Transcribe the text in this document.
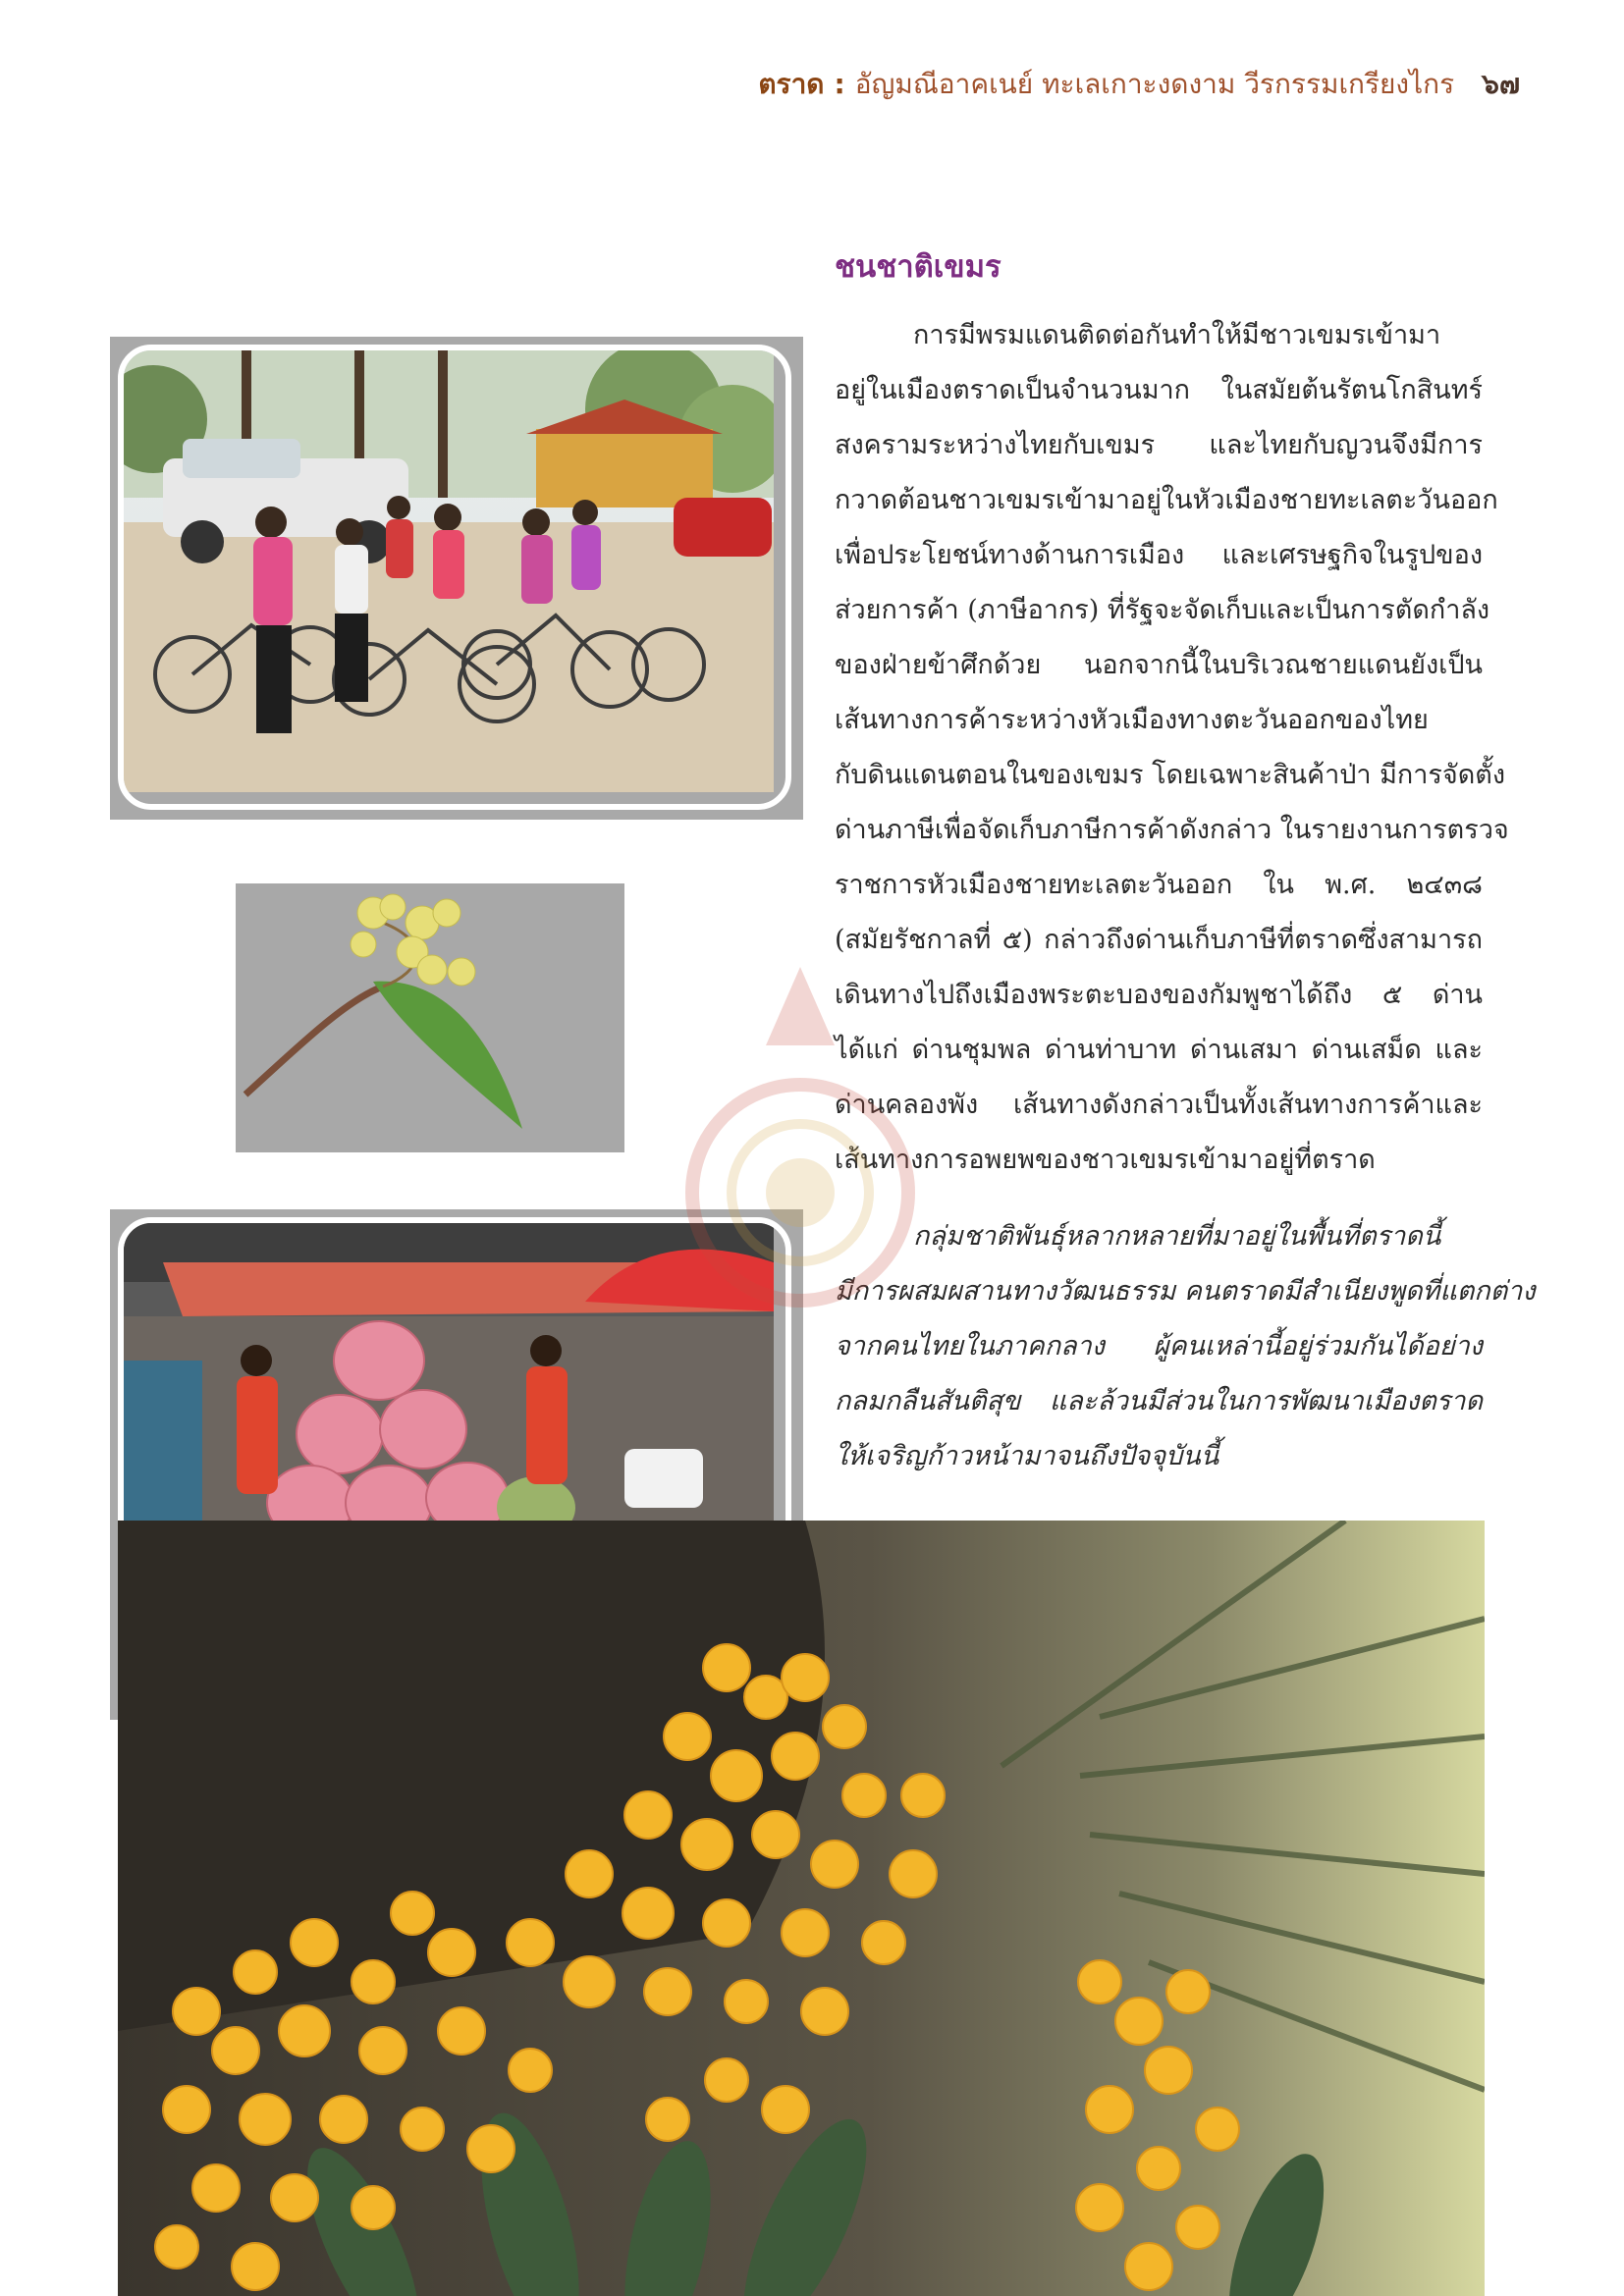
ตราด : อัญมณีอาคเนย์ ทะเลเกาะงดงาม วีรกรรมเกรียงไกร ๖๗
ชนชาติเขมร
การมีพรมแดนติดต่อกันทำให้มีชาวเขมรเข้ามา
อยู่ในเมืองตราดเป็นจำนวนมาก ในสมัยต้นรัตนโกสินทร์
สงครามระหว่างไทยกับเขมร และไทยกับญวนจึงมีการ
กวาดต้อนชาวเขมรเข้ามาอยู่ในหัวเมืองชายทะเลตะวันออก
เพื่อประโยชน์ทางด้านการเมือง และเศรษฐกิจในรูปของ
ส่วยการค้า (ภาษีอากร) ที่รัฐจะจัดเก็บและเป็นการตัดกำลัง
ของฝ่ายข้าศึกด้วย นอกจากนี้ในบริเวณชายแดนยังเป็น
เส้นทางการค้าระหว่างหัวเมืองทางตะวันออกของไทย
กับดินแดนตอนในของเขมร โดยเฉพาะสินค้าป่า มีการจัดตั้ง
ด่านภาษีเพื่อจัดเก็บภาษีการค้าดังกล่าว ในรายงานการตรวจ
ราชการหัวเมืองชายทะเลตะวันออก ใน พ.ศ. ๒๔๓๘
(สมัยรัชกาลที่ ๕) กล่าวถึงด่านเก็บภาษีที่ตราดซึ่งสามารถ
เดินทางไปถึงเมืองพระตะบองของกัมพูชาได้ถึง ๕ ด่าน
ได้แก่ ด่านชุมพล ด่านท่าบาท ด่านเสมา ด่านเสม็ด และ
ด่านคลองพัง เส้นทางดังกล่าวเป็นทั้งเส้นทางการค้าและ
เส้นทางการอพยพของชาวเขมรเข้ามาอยู่ที่ตราด
กลุ่มชาติพันธุ์หลากหลายที่มาอยู่ในพื้นที่ตราดนี้
มีการผสมผสานทางวัฒนธรรม คนตราดมีสำเนียงพูดที่แตกต่าง
จากคนไทยในภาคกลาง ผู้คนเหล่านี้อยู่ร่วมกันได้อย่าง
กลมกลืนสันติสุข และล้วนมีส่วนในการพัฒนาเมืองตราด
ให้เจริญก้าวหน้ามาจนถึงปัจจุบันนี้
